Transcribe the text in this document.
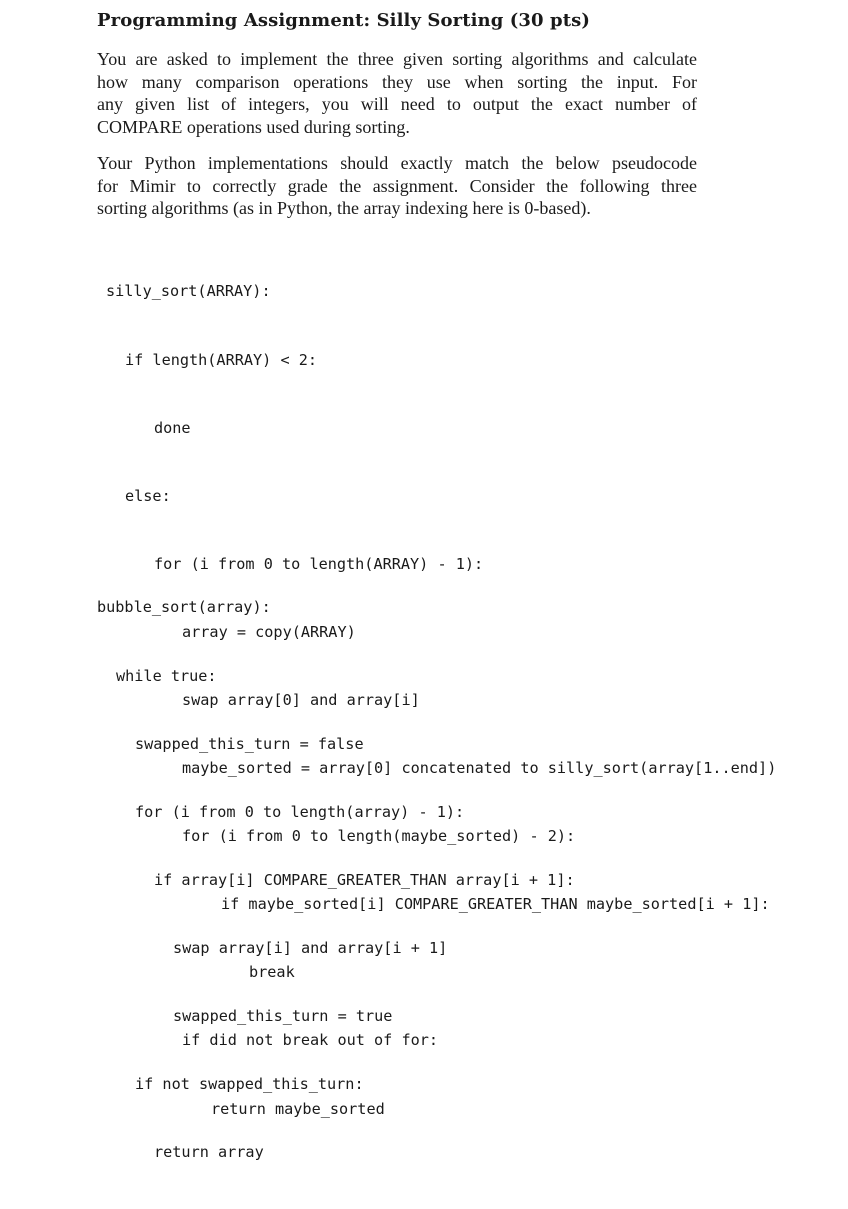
Programming Assignment: Silly Sorting (30 pts)
You are asked to implement the three given sorting algorithms and calculate
how many comparison operations they use when sorting the input. For
any given list of integers, you will need to output the exact number of
COMPARE operations used during sorting.
Your Python implementations should exactly match the below pseudocode
for Mimir to correctly grade the assignment. Consider the following three
sorting algorithms (as in Python, the array indexing here is 0-based).

silly_sort(ARRAY):

if length(ARRAY) < 2:

done

else:

for (i from 0 to length(ARRAY) - 1):

array = copy(ARRAY)

swap array[0] and array[i]

maybe_sorted = array[0] concatenated to silly_sort(array[1..end])

for (i from 0 to length(maybe_sorted) - 2):

if maybe_sorted[i] COMPARE_GREATER_THAN maybe_sorted[i + 1]:

break

if did not break out of for:

return maybe_sorted

bubble_sort(array):

while true:

swapped_this_turn = false

for (i from 0 to length(array) - 1):

if array[i] COMPARE_GREATER_THAN array[i + 1]:

swap array[i] and array[i + 1]

swapped_this_turn = true

if not swapped_this_turn:

return array
